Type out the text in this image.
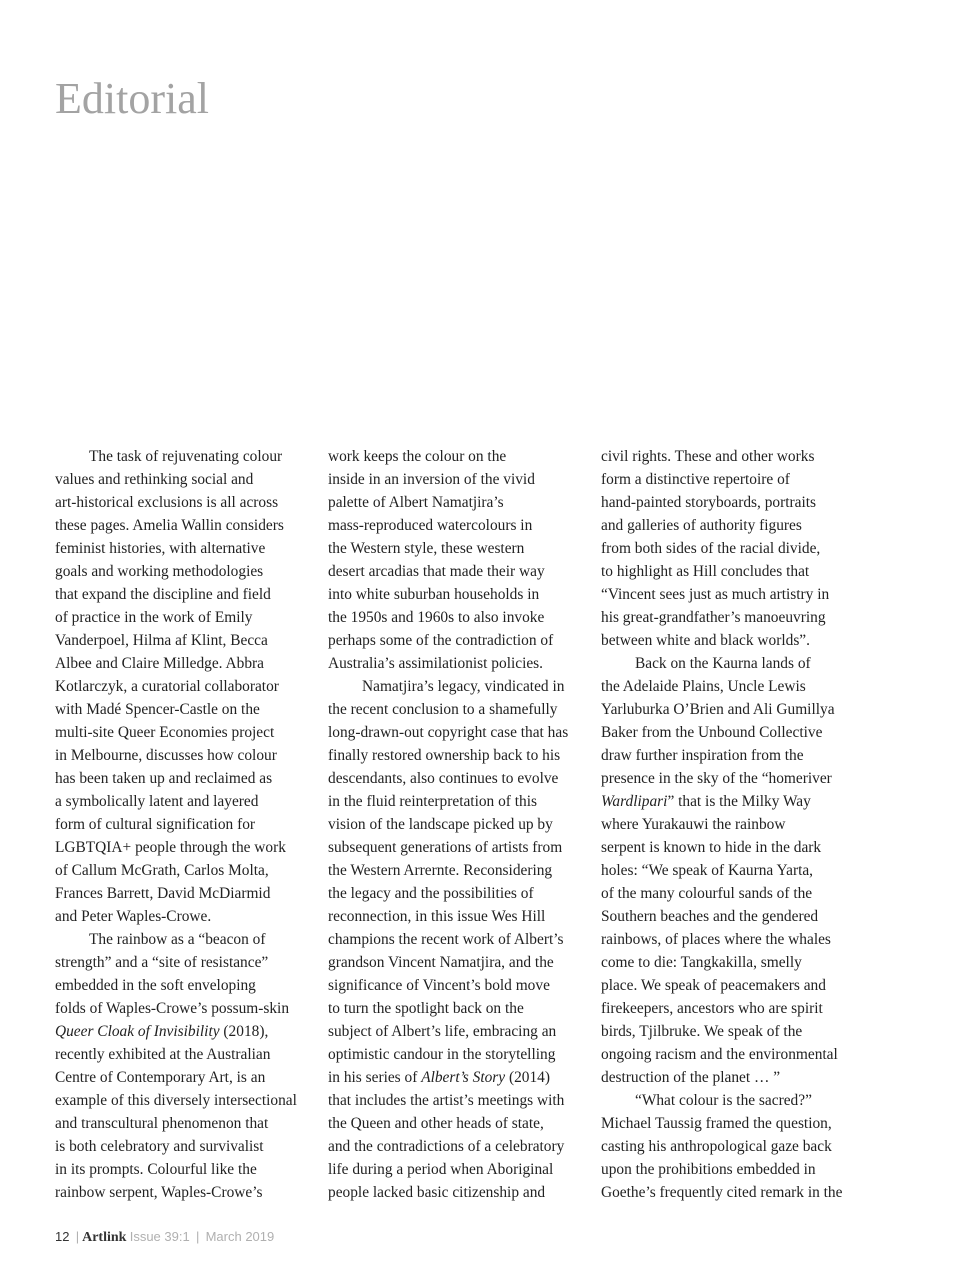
Editorial
The task of rejuvenating colour
values and rethinking social and
art-historical exclusions is all across
these pages. Amelia Wallin considers
feminist histories, with alternative
goals and working methodologies
that expand the discipline and field
of practice in the work of Emily
Vanderpoel, Hilma af Klint, Becca
Albee and Claire Milledge. Abbra
Kotlarczyk, a curatorial collaborator
with Madé Spencer-Castle on the
multi-site Queer Economies project
in Melbourne, discusses how colour
has been taken up and reclaimed as
a symbolically latent and layered
form of cultural signification for
LGBTQIA+ people through the work
of Callum McGrath, Carlos Molta,
Frances Barrett, David McDiarmid
and Peter Waples-Crowe.
The rainbow as a “beacon of
strength” and a “site of resistance”
embedded in the soft enveloping
folds of Waples-Crowe’s possum-skin
Queer Cloak of Invisibility (2018),
recently exhibited at the Australian
Centre of Contemporary Art, is an
example of this diversely intersectional
and transcultural phenomenon that
is both celebratory and survivalist
in its prompts. Colourful like the
rainbow serpent, Waples-Crowe’s
work keeps the colour on the
inside in an inversion of the vivid
palette of Albert Namatjira’s
mass-reproduced watercolours in
the Western style, these western
desert arcadias that made their way
into white suburban households in
the 1950s and 1960s to also invoke
perhaps some of the contradiction of
Australia’s assimilationist policies.
Namatjira’s legacy, vindicated in
the recent conclusion to a shamefully
long-drawn-out copyright case that has
finally restored ownership back to his
descendants, also continues to evolve
in the fluid reinterpretation of this
vision of the landscape picked up by
subsequent generations of artists from
the Western Arrernte. Reconsidering
the legacy and the possibilities of
reconnection, in this issue Wes Hill
champions the recent work of Albert’s
grandson Vincent Namatjira, and the
significance of Vincent’s bold move
to turn the spotlight back on the
subject of Albert’s life, embracing an
optimistic candour in the storytelling
in his series of Albert’s Story (2014)
that includes the artist’s meetings with
the Queen and other heads of state,
and the contradictions of a celebratory
life during a period when Aboriginal
people lacked basic citizenship and
civil rights. These and other works
form a distinctive repertoire of
hand-painted storyboards, portraits
and galleries of authority figures
from both sides of the racial divide,
to highlight as Hill concludes that
“Vincent sees just as much artistry in
his great-grandfather’s manoeuvring
between white and black worlds”.
Back on the Kaurna lands of
the Adelaide Plains, Uncle Lewis
Yarluburka O’Brien and Ali Gumillya
Baker from the Unbound Collective
draw further inspiration from the
presence in the sky of the “homeriver
Wardlipari” that is the Milky Way
where Yurakauwi the rainbow
serpent is known to hide in the dark
holes: “We speak of Kaurna Yarta,
of the many colourful sands of the
Southern beaches and the gendered
rainbows, of places where the whales
come to die: Tangkakilla, smelly
place. We speak of peacemakers and
firekeepers, ancestors who are spirit
birds, Tjilbruke. We speak of the
ongoing racism and the environmental
destruction of the planet … ”
“What colour is the sacred?”
Michael Taussig framed the question,
casting his anthropological gaze back
upon the prohibitions embedded in
Goethe’s frequently cited remark in the
12 | Artlink Issue 39:1 | March 2019
